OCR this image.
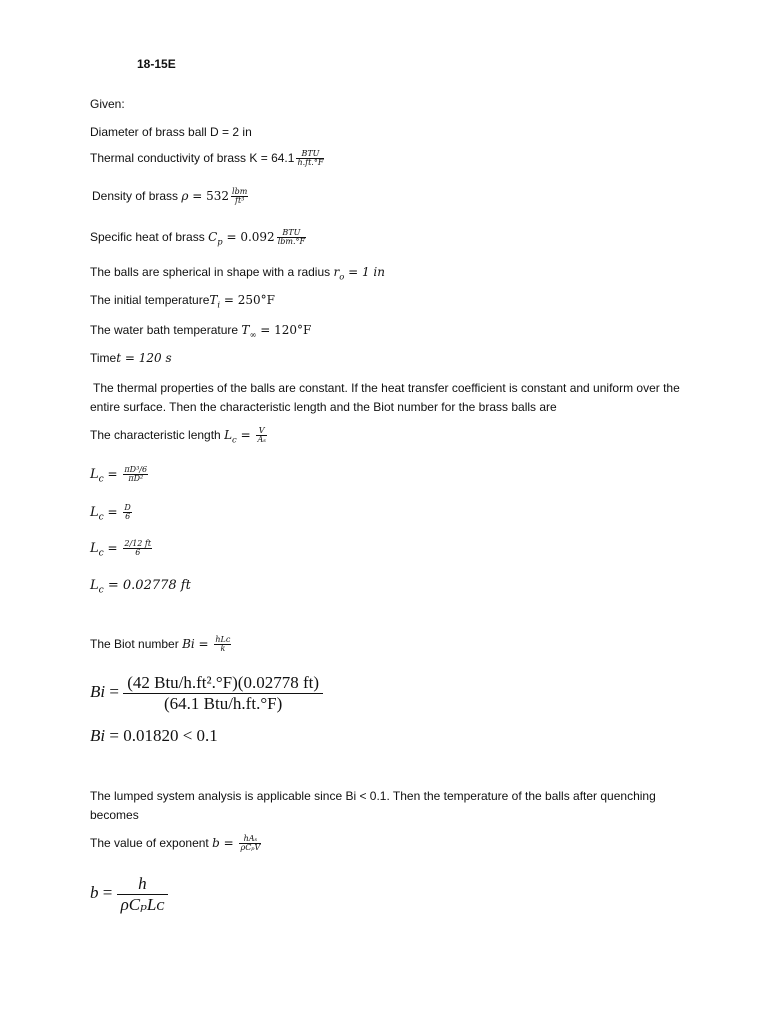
18-15E
Given:
Diameter of brass ball D = 2 in
Thermal conductivity of brass $K = 64.1 \frac{\text{BTU}}{h.ft.^\circ F}$
Density of brass $\rho = 532 \frac{\text{lbm}}{\text{ft³}}$
Specific heat of brass $C_p = 0.092 \frac{\text{BTU}}{\text{lbm.°F}}$
The balls are spherical in shape with a radius $r_o = 1$ in
The initial temperatureT$_i$ = 250°F
The water bath temperature $T_\infty = 120^\circ F$
Timet = 120 s
The thermal properties of the balls are constant. If the heat transfer coefficient is constant and uniform over the entire surface. Then the characteristic length and the Biot number for the brass balls are
The characteristic length $L_c = \frac{V}{\text{Aₛ}}$
$L_c = \frac{\text{πD³/6}}{\text{πD²}}$
$L_c = \frac{D}{6}$
$L_c = \frac{2/12 ft}{6}$
$L_c = 0.02778$ ft
The Biot number $Bi = \frac{\text{hLᴄ}}{k}$
Bi = (42 Btu/h.ft².°F)(0.02778 ft)
(64.1 Btu/h.ft.°F)
Bi = 0.01820 < 0.1
The lumped system analysis is applicable since Bi < 0.1. Then the temperature of the balls after quenching becomes
The value of exponent $b = \frac{\text{hAₛ}}{\text{ρCₚV}}$
b =	h
ρCₚLᴄ
